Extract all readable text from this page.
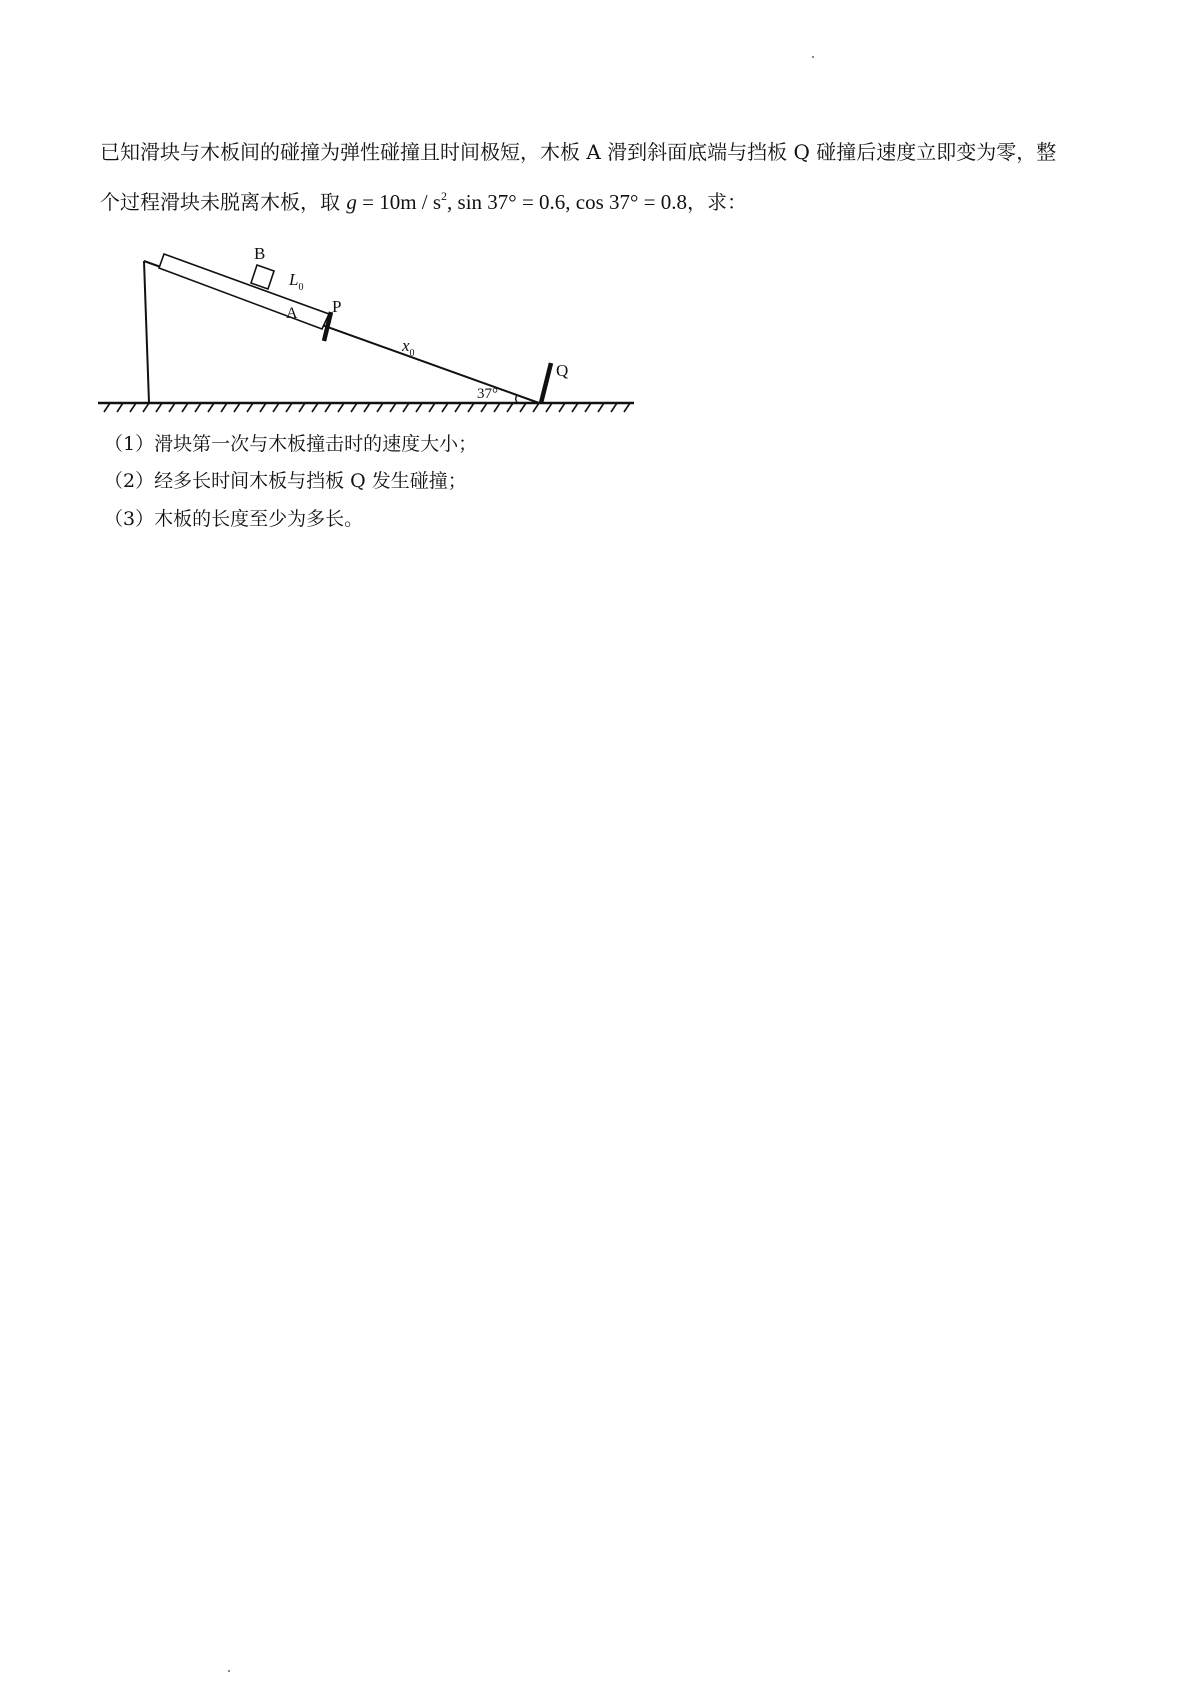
已知滑块与木板间的碰撞为弹性碰撞且时间极短，木板 A 滑到斜面底端与挡板 Q 碰撞后速度立即变为零，整
个过程滑块未脱离木板，取 $g = 10m / s^2$, sin 37° = 0.6, cos 37° = 0.8，求：
B
$L_0$
A P
$x_0$
37°
Q
（1）滑块第一次与木板撞击时的速度大小；
（2）经多长时间木板与挡板 Q 发生碰撞；
（3）木板的长度至少为多长。
